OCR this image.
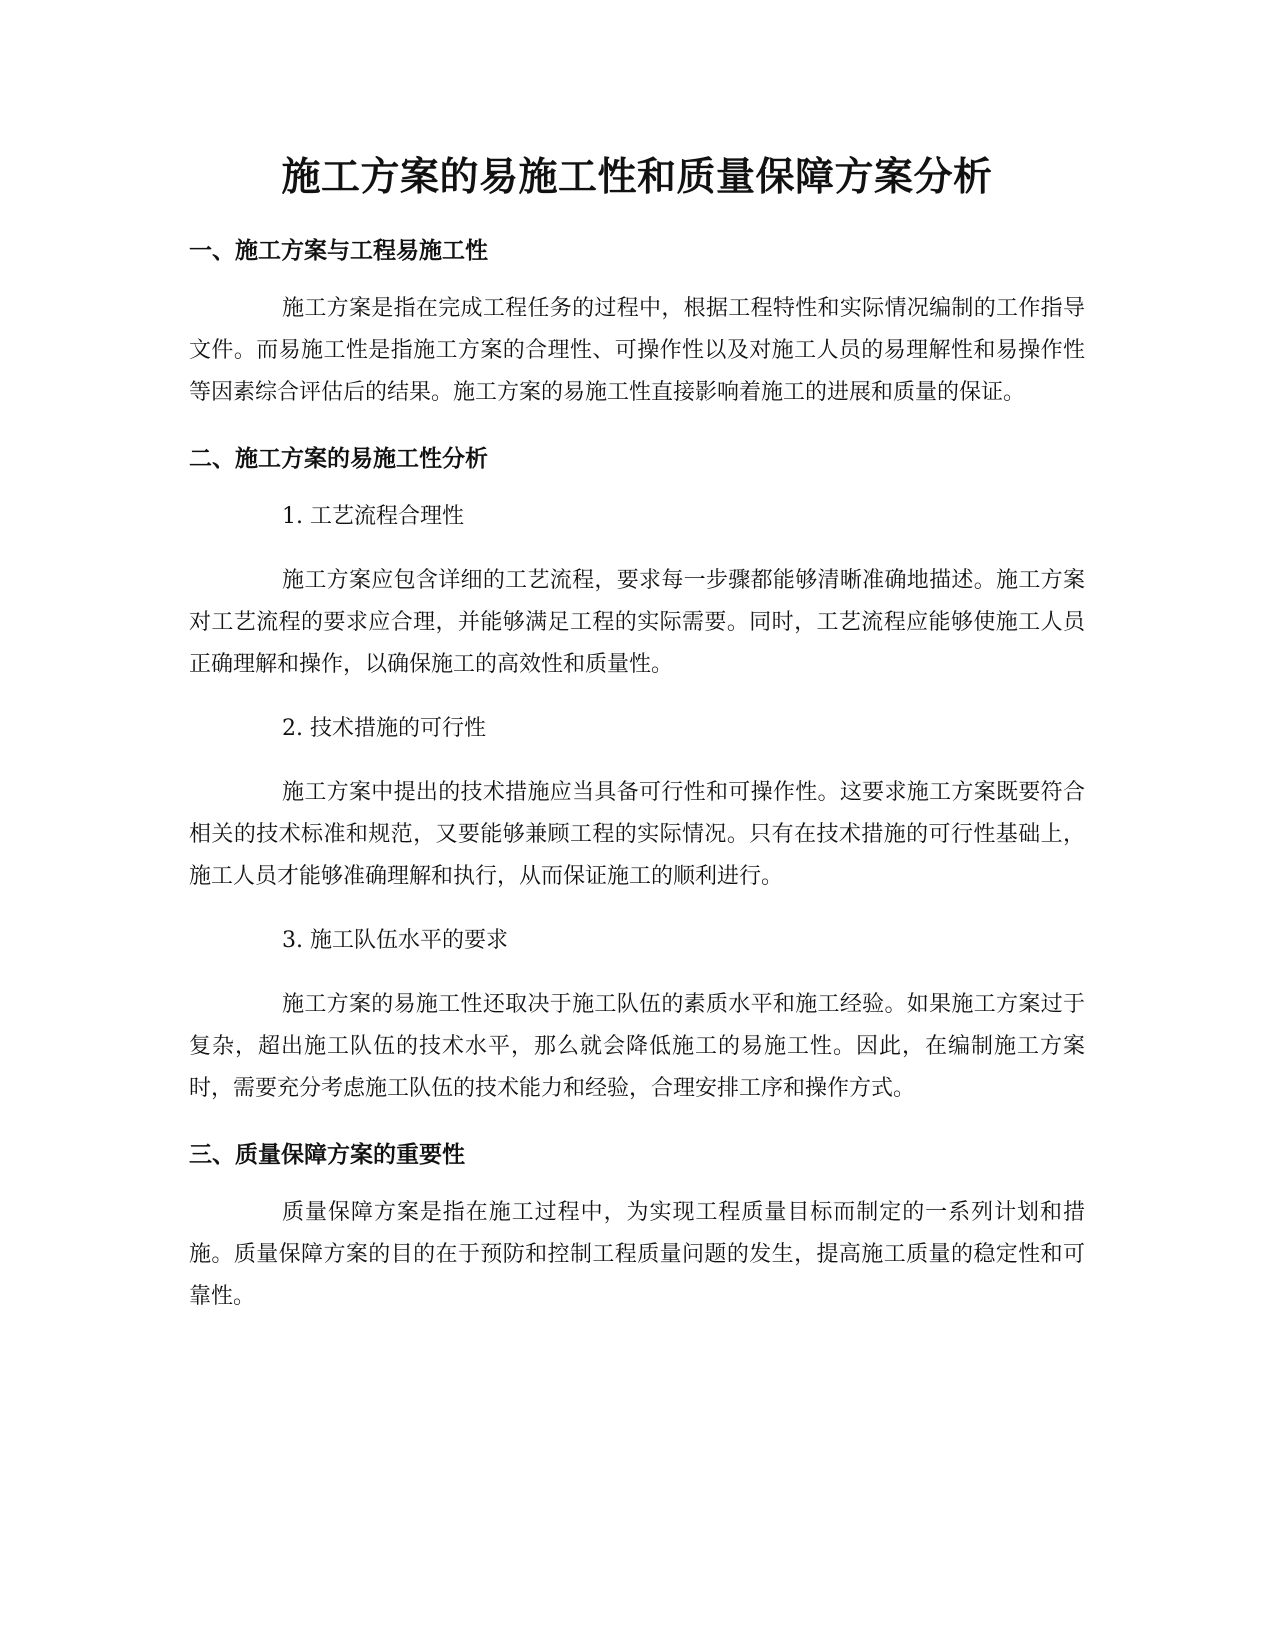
施工方案的易施工性和质量保障方案分析
一、施工方案与工程易施工性

施工方案是指在完成工程任务的过程中，根据工程特性和实际情况编制的工作指导文件。而易施工性是指施工方案的合理性、可操作性以及对施工人员的易理解性和易操作性等因素综合评估后的结果。施工方案的易施工性直接影响着施工的进展和质量的保证。

二、施工方案的易施工性分析

1. 工艺流程合理性

施工方案应包含详细的工艺流程，要求每一步骤都能够清晰准确地描述。施工方案对工艺流程的要求应合理，并能够满足工程的实际需要。同时，工艺流程应能够使施工人员正确理解和操作，以确保施工的高效性和质量性。

2. 技术措施的可行性

施工方案中提出的技术措施应当具备可行性和可操作性。这要求施工方案既要符合相关的技术标准和规范，又要能够兼顾工程的实际情况。只有在技术措施的可行性基础上，施工人员才能够准确理解和执行，从而保证施工的顺利进行。

3. 施工队伍水平的要求

施工方案的易施工性还取决于施工队伍的素质水平和施工经验。如果施工方案过于复杂，超出施工队伍的技术水平，那么就会降低施工的易施工性。因此，在编制施工方案时，需要充分考虑施工队伍的技术能力和经验，合理安排工序和操作方式。

三、质量保障方案的重要性

质量保障方案是指在施工过程中，为实现工程质量目标而制定的一系列计划和措施。质量保障方案的目的在于预防和控制工程质量问题的发生，提高施工质量的稳定性和可靠性。
